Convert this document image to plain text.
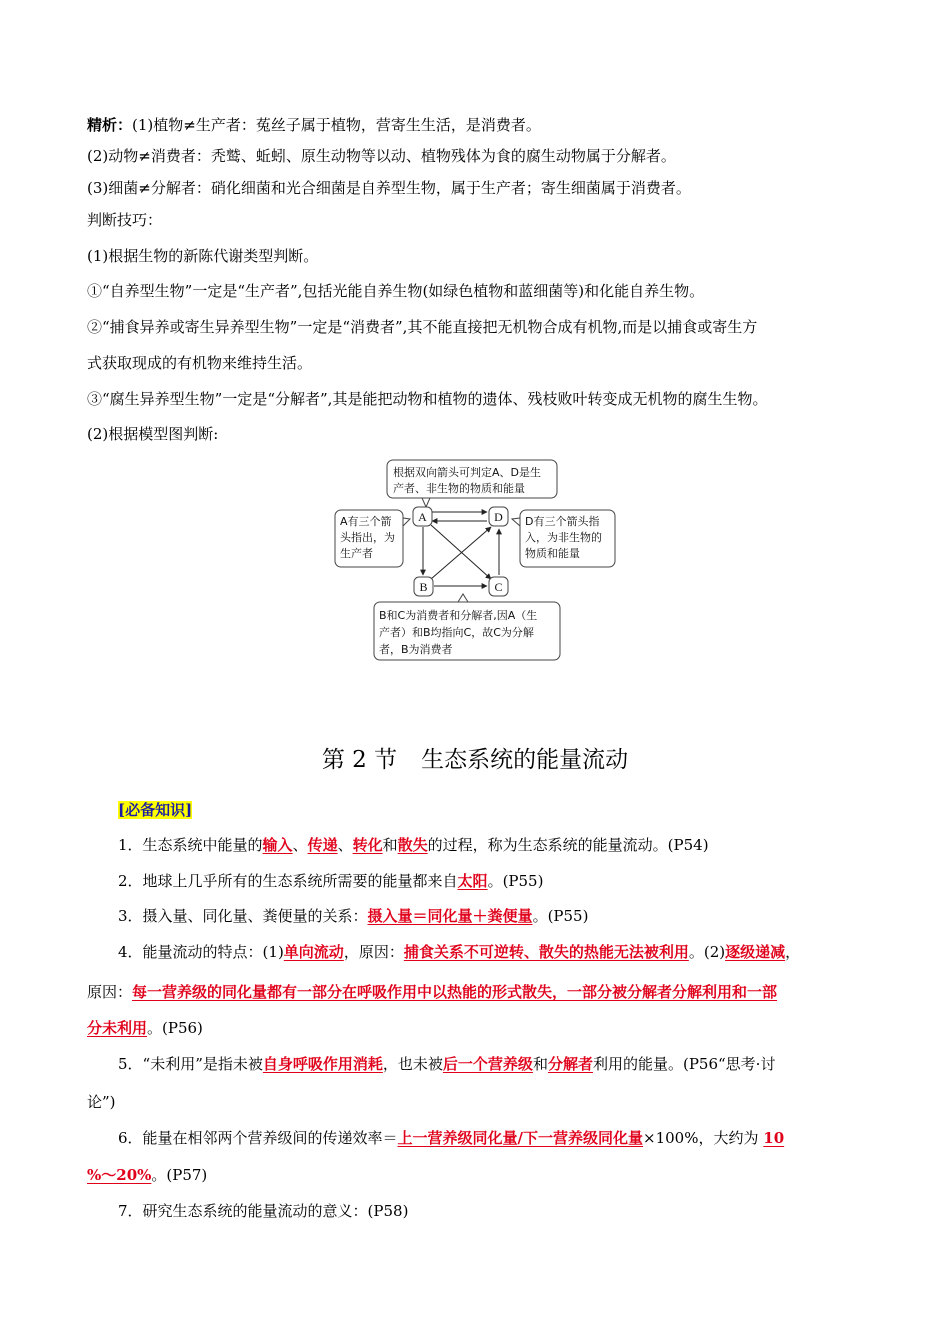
精析：(1)植物≠生产者：菟丝子属于植物，营寄生生活，是消费者。
(2)动物≠消费者：秃鹫、蚯蚓、原生动物等以动、植物残体为食的腐生动物属于分解者。
(3)细菌≠分解者：硝化细菌和光合细菌是自养型生物，属于生产者；寄生细菌属于消费者。
判断技巧：
(1)根据生物的新陈代谢类型判断。
①“自养型生物”一定是“生产者”,包括光能自养生物(如绿色植物和蓝细菌等)和化能自养生物。
②“捕食异养或寄生异养型生物”一定是“消费者”,其不能直接把无机物合成有机物,而是以捕食或寄生方
式获取现成的有机物来维持生活。
③“腐生异养型生物”一定是“分解者”,其是能把动物和植物的遗体、残枝败叶转变成无机物的腐生生物。
(2)根据模型图判断:
根据双向箭头可判定A、D是生
产者、非生物的物质和能量
A有三个箭
头指出，为
生产者
D有三个箭头指
入，为非生物的
物质和能量
B和C为消费者和分解者,因A（生
产者）和B均指向C，故C为分解
者，B为消费者
A	D
B	C
第 2 节 生态系统的能量流动
[必备知识]
1．生态系统中能量的输入、传递、转化和散失的过程，称为生态系统的能量流动。(P54)
2．地球上几乎所有的生态系统所需要的能量都来自太阳。(P55)
3．摄入量、同化量、粪便量的关系：摄入量＝同化量＋粪便量。(P55)
4．能量流动的特点：(1)单向流动，原因：捕食关系不可逆转、散失的热能无法被利用。(2)逐级递减，
原因：每一营养级的同化量都有一部分在呼吸作用中以热能的形式散失，一部分被分解者分解利用和一部
分未利用。(P56)
5．“未利用”是指未被自身呼吸作用消耗，也未被后一个营养级和分解者利用的能量。(P56“思考·讨
论”)
6．能量在相邻两个营养级间的传递效率＝上一营养级同化量/下一营养级同化量×100%，大约为 10
%～20%。(P57)
7．研究生态系统的能量流动的意义：(P58)
